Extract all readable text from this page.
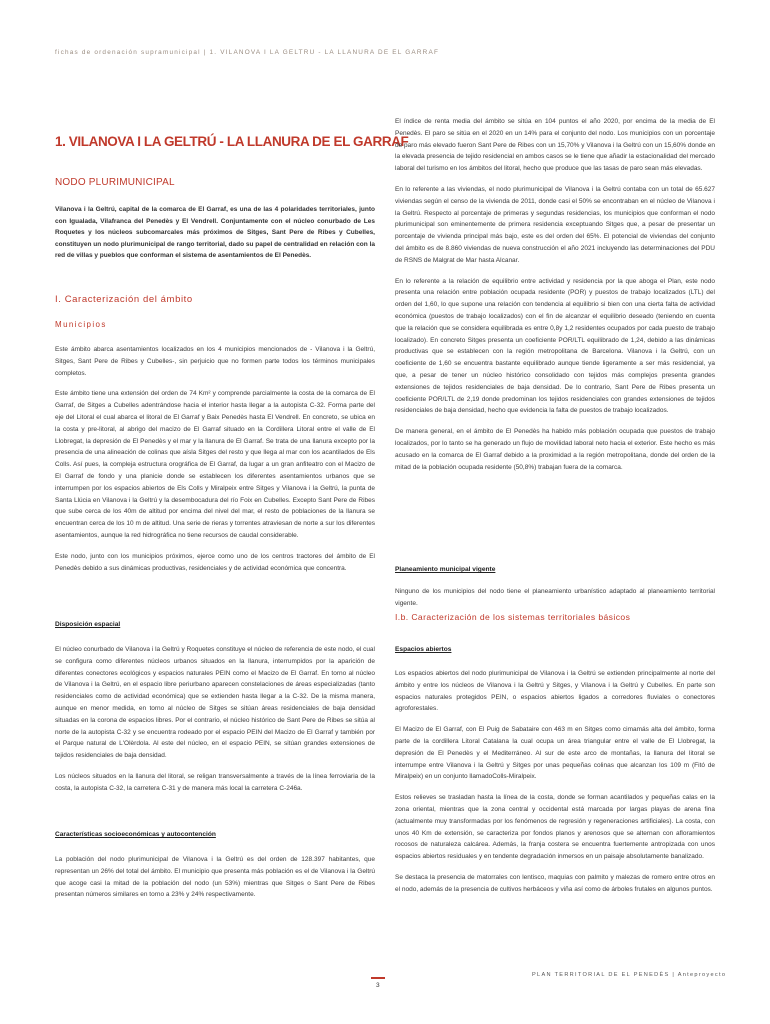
fichas de ordenación supramunicipal | 1. VILANOVA I LA GELTRÚ - LA LLANURA DE EL GARRAF
1. VILANOVA I LA GELTRÚ - LA LLANURA DE EL GARRAF
NODO PLURIMUNICIPAL
Vilanova i la Geltrú, capital de la comarca de El Garraf, es una de las 4 polaridades territoriales, junto con Igualada, Vilafranca del Penedès y El Vendrell. Conjuntamente con el núcleo conurbado de Les Roquetes y los núcleos subcomarcales más próximos de Sitges, Sant Pere de Ribes y Cubelles, constituyen un nodo plurimunicipal de rango territorial, dado su papel de centralidad en relación con la red de villas y pueblos que conforman el sistema de asentamientos de El Penedès.
I. Caracterización del ámbito
Municipios

Este ámbito abarca asentamientos localizados en los 4 municipios mencionados de - Vilanova i la Geltrú, Sitges, Sant Pere de Ribes y Cubelles-, sin perjuicio que no formen parte todos los términos municipales completos.

Este ámbito tiene una extensión del orden de 74 Km² y comprende parcialmente la costa de la comarca de El Garraf, de Sitges a Cubelles adentrándose hacia el interior hasta llegar a la autopista C-32. Forma parte del eje del Litoral el cual abarca el litoral de El Garraf y Baix Penedès hasta El Vendrell. En concreto, se ubica en la costa y pre-litoral, al abrigo del macizo de El Garraf situado en la Cordillera Litoral entre el valle de El Llobregat, la depresión de El Penedès y el mar y la llanura de El Garraf. Se trata de una llanura excepto por la presencia de una alineación de colinas que aísla Sitges del resto y que llega al mar con los acantilados de Els Colls. Así pues, la compleja estructura orográfica de El Garraf, da lugar a un gran anfiteatro con el Macizo de El Garraf de fondo y una planicie donde se establecen los diferentes asentamientos urbanos que se interrumpen por los espacios abiertos de Els Colls y Miralpeix entre Sitges y Vilanova i la Geltrú, la punta de Santa Llúcia en Vilanova i la Geltrú y la desembocadura del río Foix en Cubelles. Excepto Sant Pere de Ribes que sube cerca de los 40m de altitud por encima del nivel del mar, el resto de poblaciones de la llanura se encuentran cerca de los 10 m de altitud. Una serie de rieras y torrentes atraviesan de norte a sur los diferentes asentamientos, aunque la red hidrográfica no tiene recursos de caudal considerable.

Este nodo, junto con los municipios próximos, ejerce como uno de los centros tractores del ámbito de El Penedès debido a sus dinámicas productivas, residenciales y de actividad económica que concentra.

Disposición espacial

El núcleo conurbado de Vilanova i la Geltrú y Roquetes constituye el núcleo de referencia de este nodo, el cual se configura como diferentes núcleos urbanos situados en la llanura, interrumpidos por la aparición de diferentes conectores ecológicos y espacios naturales PEIN como el Macizo de El Garraf. En torno al núcleo de Vilanova i la Geltrú, en el espacio libre periurbano aparecen constelaciones de áreas especializadas (tanto residenciales como de actividad económica) que se extienden hasta llegar a la C-32. De la misma manera, aunque en menor medida, en torno al núcleo de Sitges se sitúan áreas residenciales de baja densidad situadas en la corona de espacios libres. Por el contrario, el núcleo histórico de Sant Pere de Ribes se sitúa al norte de la autopista C-32 y se encuentra rodeado por el espacio PEIN del Macizo de El Garraf y también por el Parque natural de L'Olèrdola. Al este del núcleo, en el espacio PEIN, se sitúan grandes extensiones de tejidos residenciales de baja densidad.

Los núcleos situados en la llanura del litoral, se religan transversalmente a través de la línea ferroviaria de la costa, la autopista C-32, la carretera C-31 y de manera más local la carretera C-246a.

Características socioeconómicas y autocontención

La población del nodo plurimunicipal de Vilanova i la Geltrú es del orden de 128.397 habitantes, que representan un 26% del total del ámbito. El municipio que presenta más población es el de Vilanova i la Geltrú que acoge casi la mitad de la población del nodo (un 53%) mientras que Sitges o Sant Pere de Ribes presentan números similares en torno a 23% y 24% respectivamente.

El índice de renta media del ámbito se sitúa en 104 puntos el año 2020, por encima de la media de El Penedès. El paro se sitúa en el 2020 en un 14% para el conjunto del nodo. Los municipios con un porcentaje de paro más elevado fueron Sant Pere de Ribes con un 15,70% y Vilanova i la Geltrú con un 15,60% donde en la elevada presencia de tejido residencial en ambos casos se le tiene que añadir la estacionalidad del mercado laboral del turismo en los ámbitos del litoral, hecho que produce que las tasas de paro sean más elevadas.

En lo referente a las viviendas, el nodo plurimunicipal de Vilanova i la Geltrú contaba con un total de 65.627 viviendas según el censo de la vivienda de 2011, donde casi el 50% se encontraban en el núcleo de Vilanova i la Geltrú. Respecto al porcentaje de primeras y segundas residencias, los municipios que conforman el nodo plurimunicipal son eminentemente de primera residencia exceptuando Sitges que, a pesar de presentar un porcentaje de vivienda principal más bajo, este es del orden del 65%. El potencial de viviendas del conjunto del ámbito es de 8.860 viviendas de nueva construcción el año 2021 incluyendo las determinaciones del PDU de RSNS de Malgrat de Mar hasta Alcanar.

En lo referente a la relación de equilibrio entre actividad y residencia por la que aboga el Plan, este nodo presenta una relación entre población ocupada residente (POR) y puestos de trabajo localizados (LTL) del orden del 1,60, lo que supone una relación con tendencia al equilibrio si bien con una cierta falta de actividad económica (puestos de trabajo localizados) con el fin de alcanzar el equilibrio deseado (teniendo en cuenta que la relación que se considera equilibrada es entre 0,8y 1,2 residentes ocupados por cada puesto de trabajo localizado). En concreto Sitges presenta un coeficiente POR/LTL equilibrado de 1,24, debido a las dinámicas productivas que se establecen con la región metropolitana de Barcelona. Vilanova i la Geltrú, con un coeficiente de 1,60 se encuentra bastante equilibrado aunque tiende ligeramente a ser más residencial, ya que, a pesar de tener un núcleo histórico consolidado con tejidos más complejos presenta grandes extensiones de tejidos residenciales de baja densidad. De lo contrario, Sant Pere de Ribes presenta un coeficiente POR/LTL de 2,19 donde predominan los tejidos residenciales con grandes extensiones de tejidos residenciales de baja densidad, hecho que evidencia la falta de puestos de trabajo localizados.

De manera general, en el ámbito de El Penedès ha habido más población ocupada que puestos de trabajo localizados, por lo tanto se ha generado un flujo de movilidad laboral neto hacia el exterior. Este hecho es más acusado en la comarca de El Garraf debido a la proximidad a la región metropolitana, donde del orden de la mitad de la población ocupada residente (50,8%) trabajan fuera de la comarca.

Planeamiento municipal vigente

Ninguno de los municipios del nodo tiene el planeamiento urbanístico adaptado al planeamiento territorial vigente.

I.b. Caracterización de los sistemas territoriales básicos
Espacios abiertos

Los espacios abiertos del nodo plurimunicipal de Vilanova i la Geltrú se extienden principalmente al norte del ámbito y entre los núcleos de Vilanova i la Geltrú y Sitges, y Vilanova i la Geltrú y Cubelles. En parte son espacios naturales protegidos PEIN, o espacios abiertos ligados a corredores fluviales o conectores agroforestales.

El Macizo de El Garraf, con El Puig de Sabataire con 463 m en Sitges como cimamás alta del ámbito, forma parte de la cordillera Litoral Catalana la cual ocupa un área triangular entre el valle de El Llobregat, la depresión de El Penedès y el Mediterráneo. Al sur de este arco de montañas, la llanura del litoral se interrumpe entre Vilanova i la Geltrú y Sitges por unas pequeñas colinas que alcanzan los 109 m (Fitó de Miralpeix) en un conjunto llamadoColls-Miralpeix.

Estos relieves se trasladan hasta la línea de la costa, donde se forman acantilados y pequeñas calas en la zona oriental, mientras que la zona central y occidental está marcada por largas playas de arena fina (actualmente muy transformadas por los fenómenos de regresión y regeneraciones artificiales). La costa, con unos 40 Km de extensión, se caracteriza por fondos planos y arenosos que se alternan con afloramientos rocosos de naturaleza calcárea. Además, la franja costera se encuentra fuertemente antropizada con unos espacios abiertos residuales y en tendente degradación inmersos en un paisaje absolutamente banalizado.

Se destaca la presencia de matorrales con lentisco, maquias con palmito y malezas de romero entre otros en el nodo, además de la presencia de cultivos herbáceos y viña así como de árboles frutales en algunos puntos.

PLAN TERRITORIAL DE EL PENEDÈS | Anteproyecto
3
